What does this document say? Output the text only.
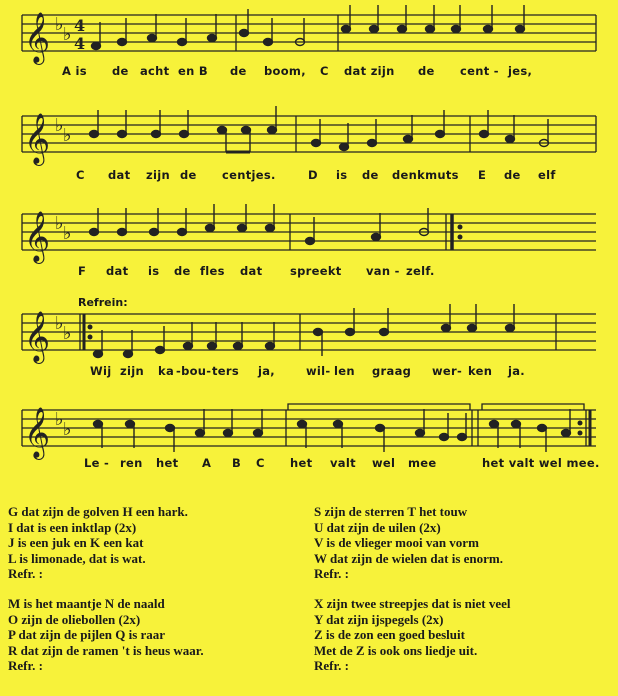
𝄞 ♭ ♭ 4
4
A is de acht en B de boom, C dat zijn de cent - jes,
𝄞 ♭ ♭
C dat zijn de centjes.	D is de denkmuts E de elf
𝄞 ♭ ♭
F dat is de fles dat spreekt van - zelf.
Refrein:
𝄞 ♭ ♭
Wij zijn ka -bou- ters ja,	wil- len graag wer- ken ja.
𝄞 ♭ ♭
Le - ren het A B C het valt wel mee	het valt wel mee.
G dat zijn de golven H een hark.
I dat is een inktlap (2x)
J is een juk en K een kat
L is limonade, dat is wat.
Refr. :
M is het maantje N de naald
O zijn de oliebollen (2x)
P dat zijn de pijlen Q is raar
R dat zijn de ramen 't is heus waar.
Refr. :
S zijn de sterren T het touw
U dat zijn de uilen (2x)
V is de vlieger mooi van vorm
W dat zijn de wielen dat is enorm.
Refr. :
X zijn twee streepjes dat is niet veel
Y dat zijn ijspegels (2x)
Z is de zon een goed besluit
Met de Z is ook ons liedje uit.
Refr. :
